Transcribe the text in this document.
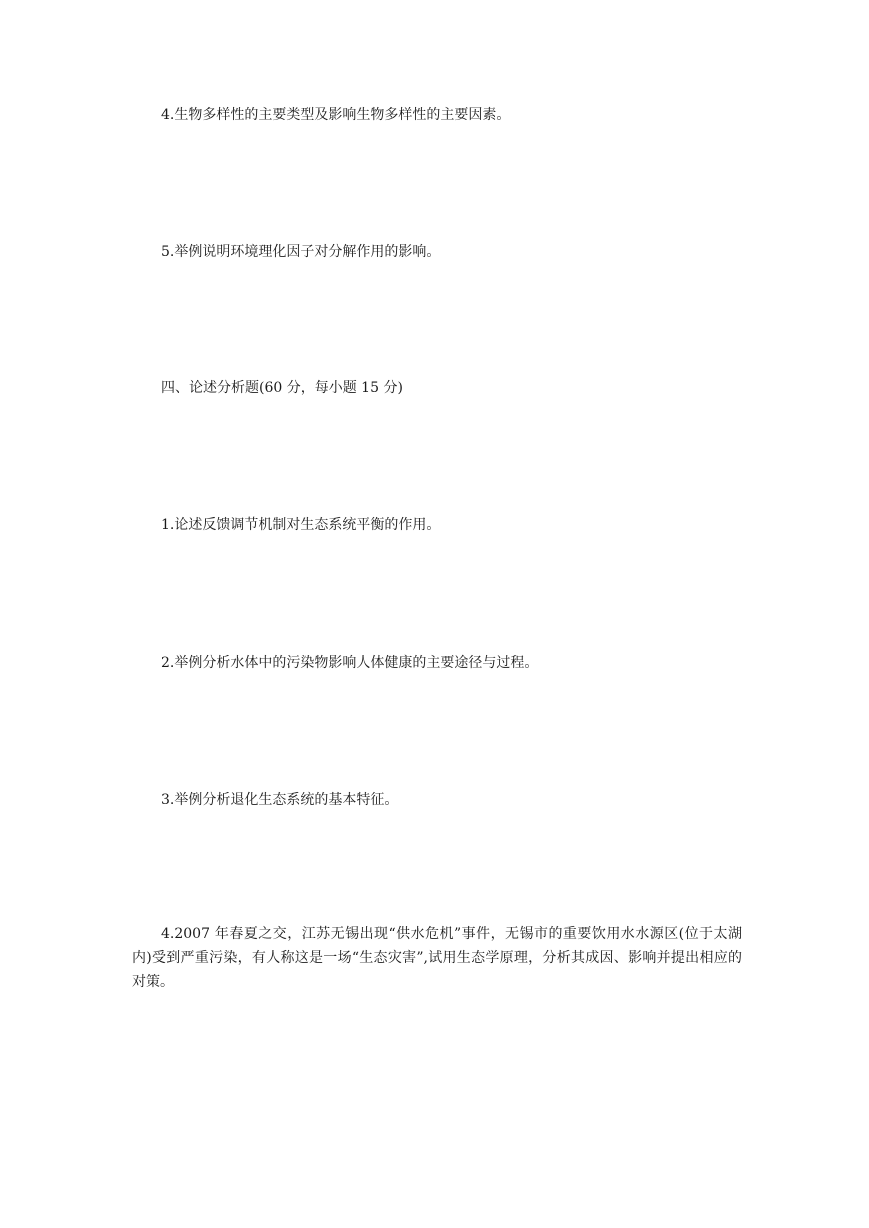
4.生物多样性的主要类型及影响生物多样性的主要因素。
5.举例说明环境理化因子对分解作用的影响。
四、论述分析题(60 分，每小题 15 分)
1.论述反馈调节机制对生态系统平衡的作用。
2.举例分析水体中的污染物影响人体健康的主要途径与过程。
3.举例分析退化生态系统的基本特征。
4.2007 年春夏之交，江苏无锡出现“供水危机”事件，无锡市的重要饮用水水源区(位于太湖内)受到严重污染，有人称这是一场“生态灾害”,试用生态学原理，分析其成因、影响并提出相应的对策。
